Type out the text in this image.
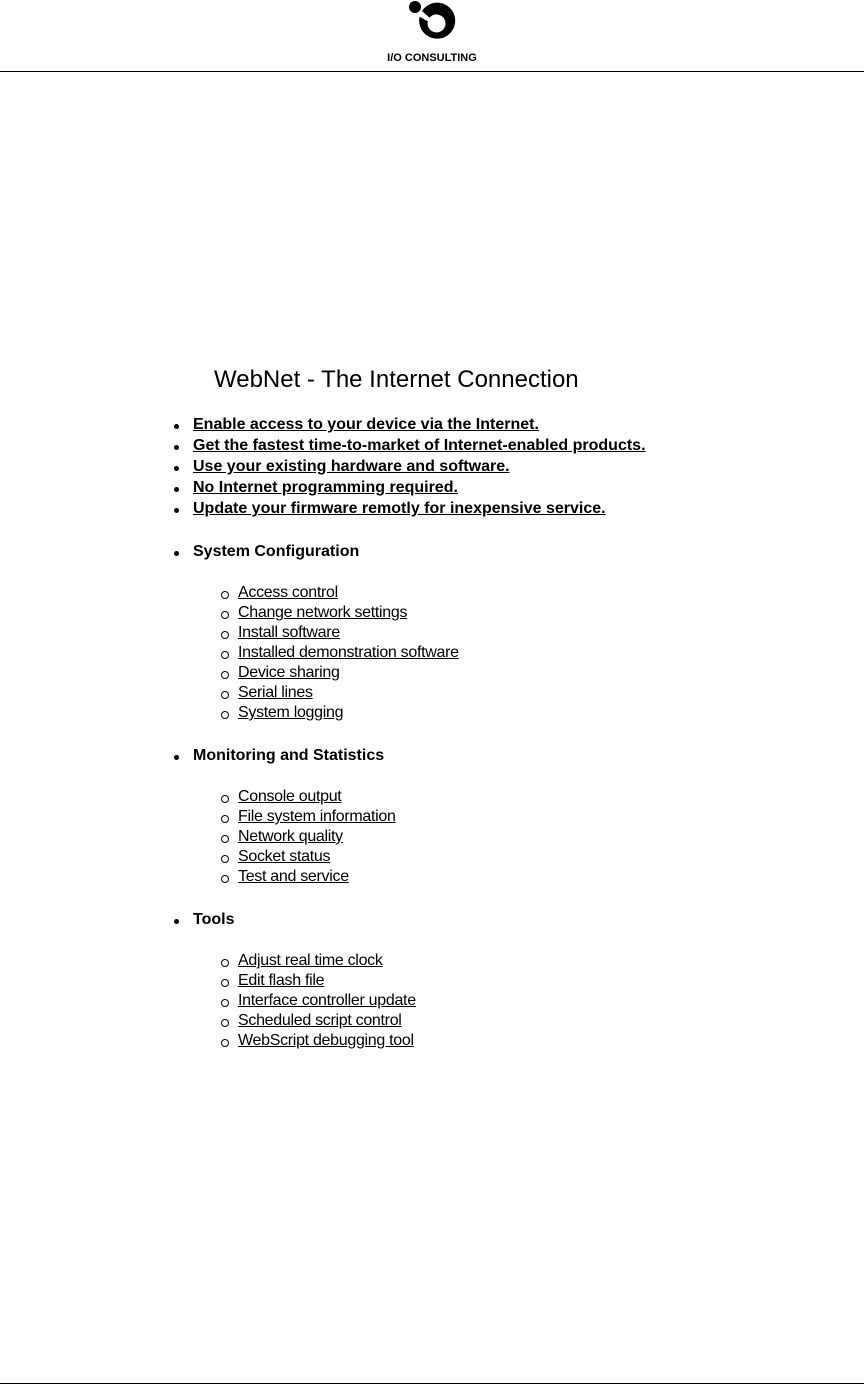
I/O CONSULTING
WebNet - The Internet Connection
Enable access to your device via the Internet.
Get the fastest time-to-market of Internet-enabled products.
Use your existing hardware and software.
No Internet programming required.
Update your firmware remotly for inexpensive service.
System Configuration
Access control
Change network settings
Install software
Installed demonstration software
Device sharing
Serial lines
System logging
Monitoring and Statistics
Console output
File system information
Network quality
Socket status
Test and service
Tools
Adjust real time clock
Edit flash file
Interface controller update
Scheduled script control
WebScript debugging tool
